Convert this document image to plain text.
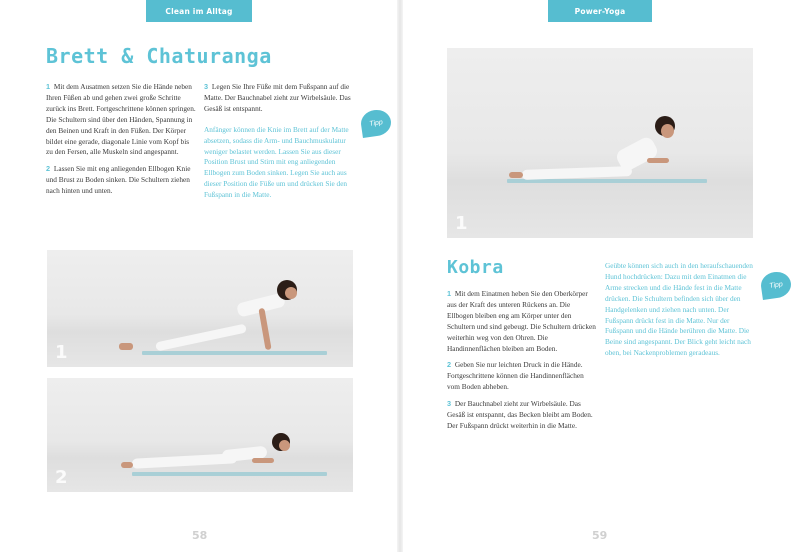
Clean im Alltag
Brett & Chaturanga

1 Mit dem Ausatmen setzen Sie die Hände neben Ihren Füßen ab und gehen zwei große Schritte zurück ins Brett. Fortgeschrittene können springen. Die Schultern sind über den Händen, Spannung in den Beinen und Kraft in den Füßen. Der Körper bildet eine gerade, diagonale Linie vom Kopf bis zu den Fersen, alle Muskeln sind angespannt.

2 Lassen Sie mit eng anliegenden Ellbogen Knie und Brust zu Boden sinken. Die Schultern ziehen nach hinten und unten.

3 Legen Sie Ihre Füße mit dem Fußspann auf die Matte. Der Bauchnabel zieht zur Wirbelsäule. Das Gesäß ist entspannt.

Anfänger können die Knie im Brett auf der Matte absetzen, sodass die Arm- und Bauchmuskulatur weniger belastet werden. Lassen Sie aus dieser Position Brust und Stirn mit eng anliegenden Ellbogen zum Boden sinken. Legen Sie auch aus dieser Position die Füße um und drücken Sie den Fußspann in die Matte.

Tipp
1
2
58
Power-Yoga
1
Kobra

1 Mit dem Einatmen heben Sie den Oberkörper aus der Kraft des unteren Rückens an. Die Ellbogen bleiben eng am Körper unter den Schultern und sind gebeugt. Die Schultern drücken weiterhin weg von den Ohren. Die Handinnenflächen bleiben am Boden.

2 Geben Sie nur leichten Druck in die Hände. Fortgeschrittene können die Handinnenflächen vom Boden abheben.

3 Der Bauchnabel zieht zur Wirbelsäule. Das Gesäß ist entspannt, das Becken bleibt am Boden. Der Fußspann drückt weiterhin in die Matte.

Geübte können sich auch in den heraufschauenden Hund hochdrücken: Dazu mit dem Einatmen die Arme strecken und die Hände fest in die Matte drücken. Die Schultern befinden sich über den Handgelenken und ziehen nach unten. Der Fußspann drückt fest in die Matte. Nur der Fußspann und die Hände berühren die Matte. Die Beine sind angespannt. Der Blick geht leicht nach oben, bei Nackenproblemen geradeaus.

Tipp
59
